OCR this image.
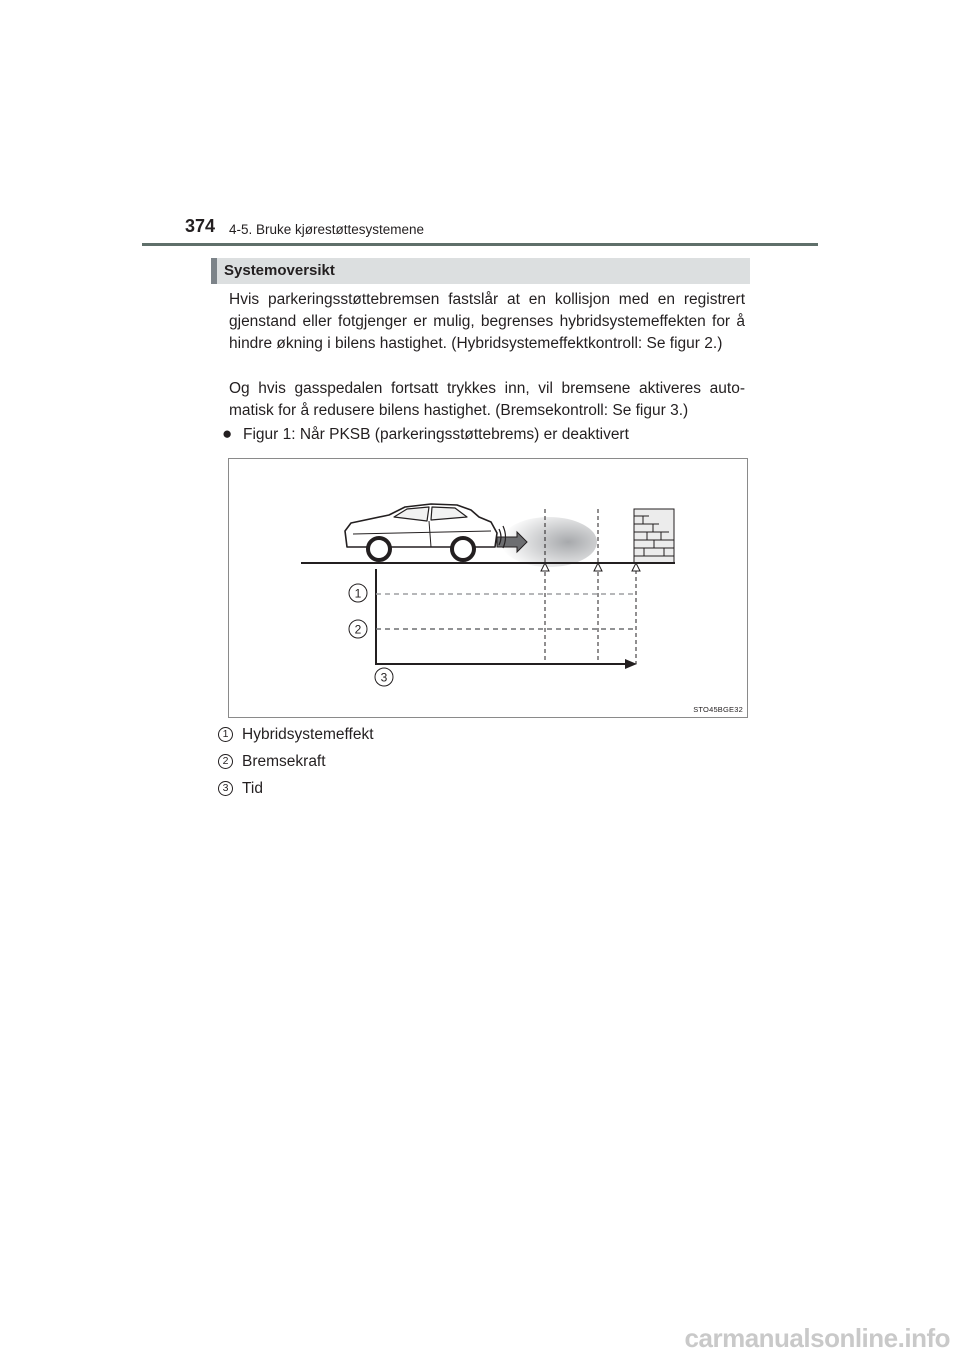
374 4-5. Bruke kjørestøttesystemene
Systemoversikt
Hvis parkeringsstøttebremsen fastslår at en kollisjon med en registrert gjenstand eller fotgjenger er mulig, begrenses hybridsystemeffekten for å hindre økning i bilens hastighet. (Hybridsystemeffektkontroll: Se figur 2.)
Og hvis gasspedalen fortsatt trykkes inn, vil bremsene aktiveres auto- matisk for å redusere bilens hastighet. (Bremsekontroll: Se figur 3.)
● Figur 1: Når PKSB (parkeringsstøttebrems) er deaktivert
1
2
3
STO45BGE32
1 Hybridsystemeffekt
2 Bremsekraft
3 Tid
carmanualsonline.info
